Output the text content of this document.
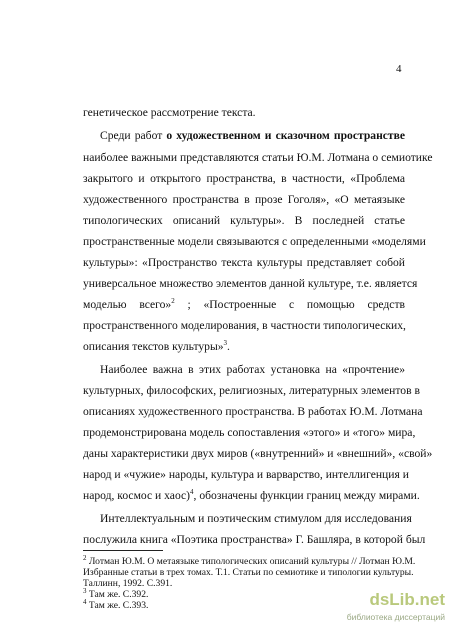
4
генетическое рассмотрение текста.
Среди работ о художественном и сказочном пространстве
наиболее важными представляются статьи Ю.М. Лотмана о семиотике
закрытого и открытого пространства, в частности, «Проблема
художественного пространства в прозе Гоголя», «О метаязыке
типологических описаний культуры». В последней статье
пространственные модели связываются с определенными «моделями
культуры»: «Пространство текста культуры представляет собой
универсальное множество элементов данной культуре, т.е. является
моделью всего»$^2$ ; «Построенные с помощью средств
пространственного моделирования, в частности типологических,
описания текстов культуры»$^3$.
Наиболее важна в этих работах установка на «прочтение»
культурных, философских, религиозных, литературных элементов в
описаниях художественного пространства. В работах Ю.М. Лотмана
продемонстрирована модель сопоставления «этого» и «того» мира,
даны характеристики двух миров («внутренний» и «внешний», «свой»
народ и «чужие» народы, культура и варварство, интеллигенция и
народ, космос и хаос)$^4$, обозначены функции границ между мирами.
Интеллектуальным и поэтическим стимулом для исследования
послужила книга «Поэтика пространства» Г. Башляра, в которой был
$^2$ Лотман Ю.М. О метаязыке типологических описаний культуры // Лотман Ю.М.
Избранные статьи в трех томах. Т.1. Статьи по семиотике и типологии культуры.
Таллинн, 1992. С.391.
$^3$ Там же. С.392.
$^4$ Там же. С.393.	dsLib.net
библиотека диссертаций
